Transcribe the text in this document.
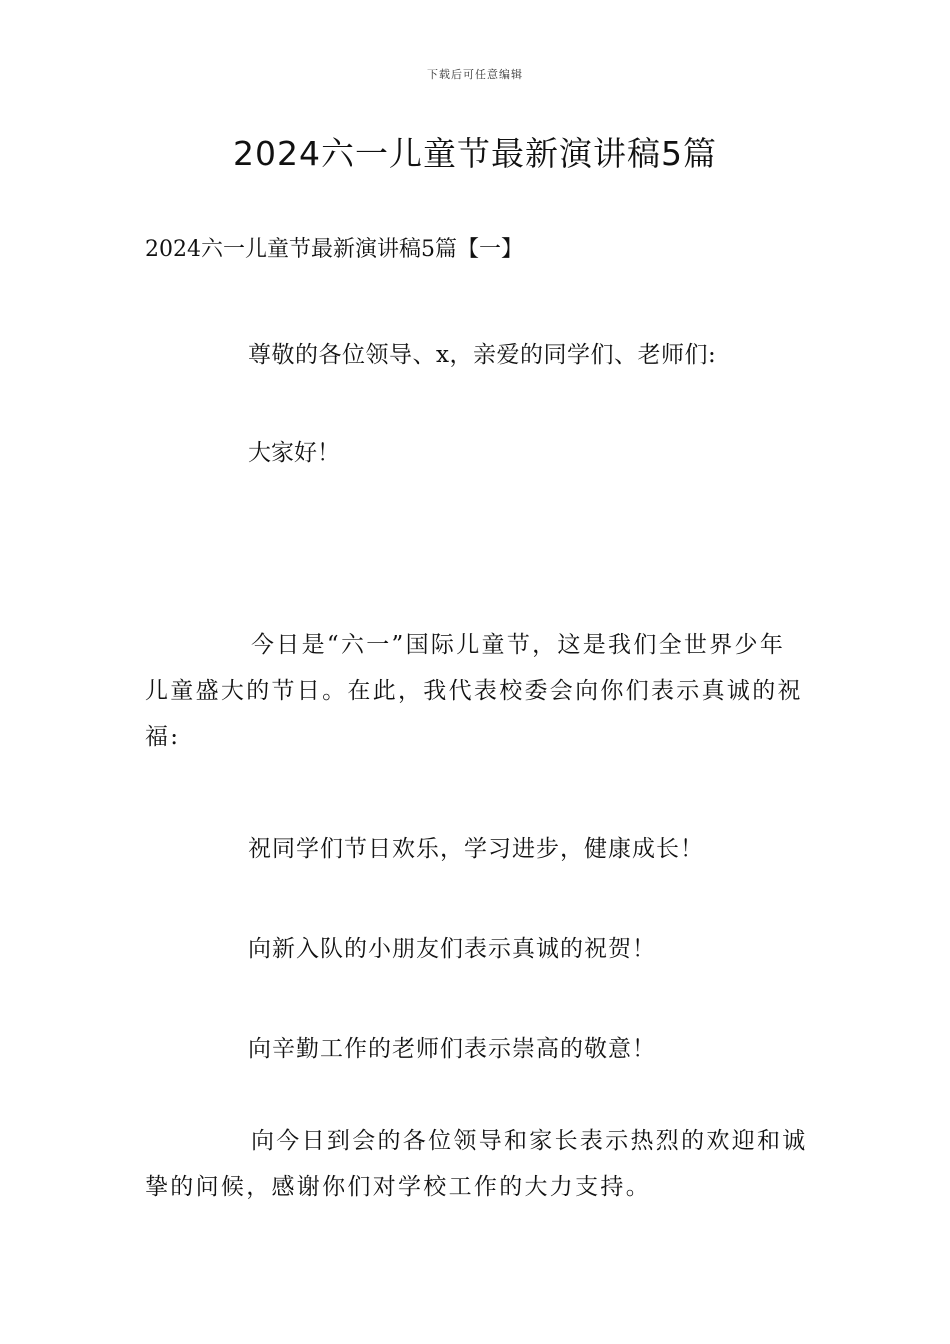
下载后可任意编辑
2024六一儿童节最新演讲稿5篇
2024六一儿童节最新演讲稿5篇【一】

尊敬的各位领导、x，亲爱的同学们、老师们:

大家好！

今日是“六一”国际儿童节，这是我们全世界少年儿童盛大的节日。在此，我代表校委会向你们表示真诚的祝福:

祝同学们节日欢乐，学习进步，健康成长！

向新入队的小朋友们表示真诚的祝贺！

向辛勤工作的老师们表示崇高的敬意！

向今日到会的各位领导和家长表示热烈的欢迎和诚挚的问候，感谢你们对学校工作的大力支持。
